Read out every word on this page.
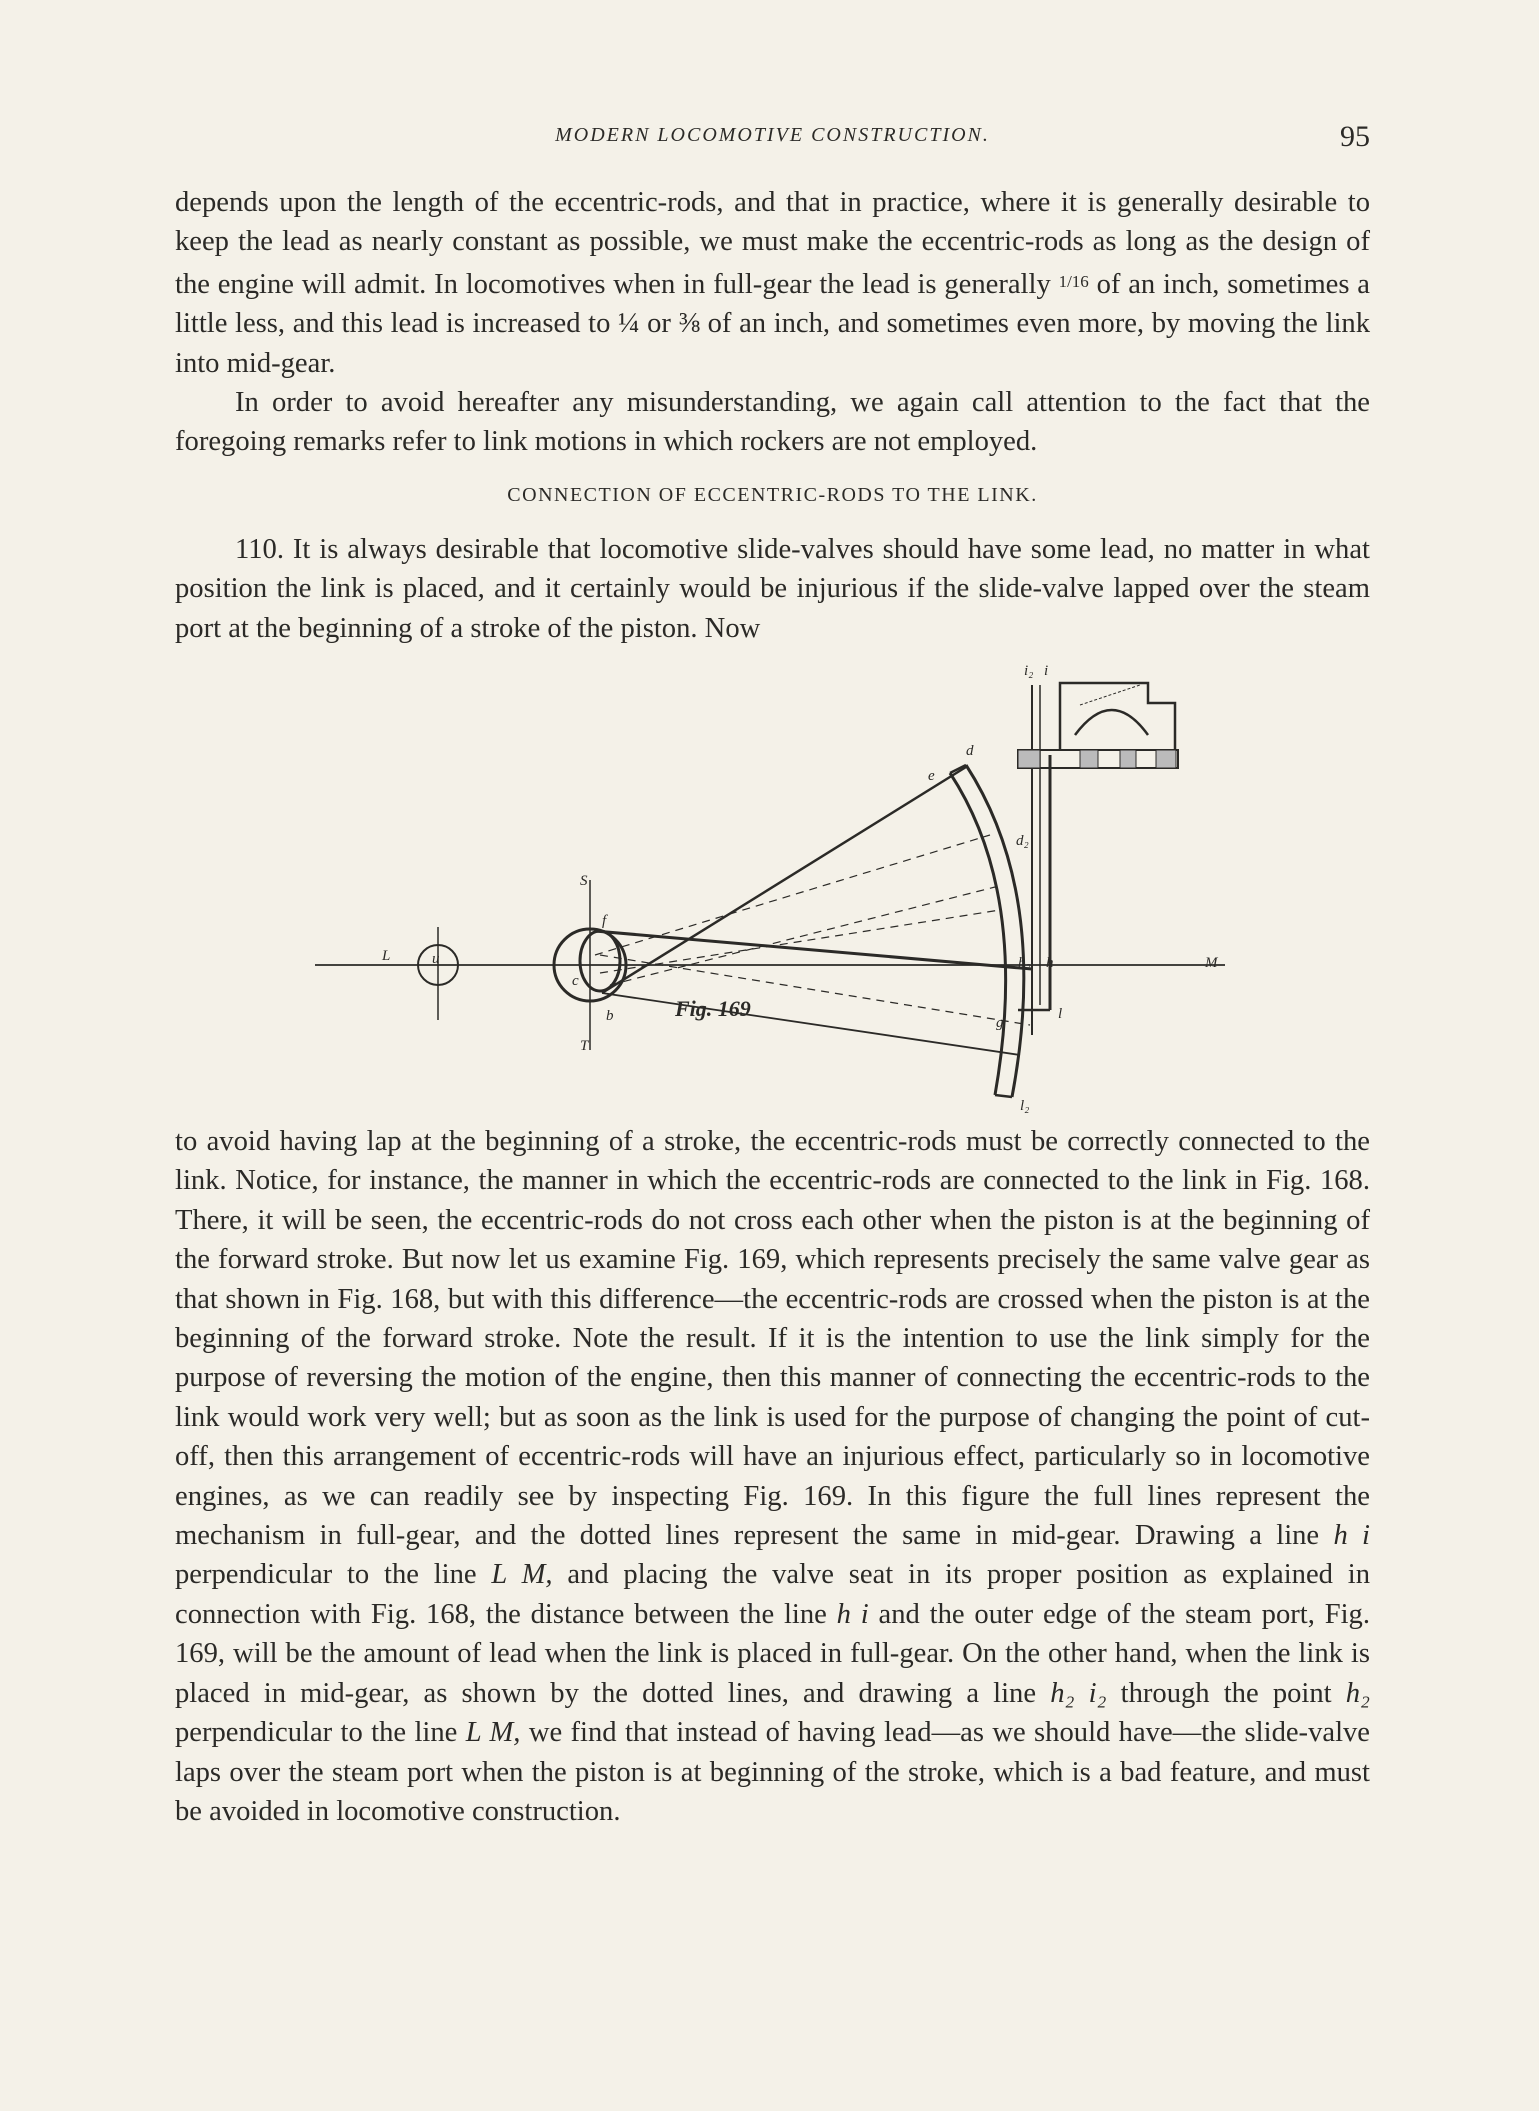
MODERN LOCOMOTIVE CONSTRUCTION.	95

depends upon the length of the eccentric-rods, and that in practice, where it is generally desirable to keep the lead as nearly constant as possible, we must make the eccentric-rods as long as the design of the engine will admit. In locomotives when in full-gear the lead is generally $^{1/16}$ of an inch, sometimes a little less, and this lead is increased to ¼ or ⅜ of an inch, and sometimes even more, by moving the link into mid-gear.

In order to avoid hereafter any misunderstanding, we again call attention to the fact that the foregoing remarks refer to link motions in which rockers are not employed.

CONNECTION OF ECCENTRIC-RODS TO THE LINK.

110. It is always desirable that locomotive slide-valves should have some lead, no matter in what position the link is placed, and it certainly would be injurious if the slide-valve lapped over the steam port at the beginning of a stroke of the piston. Now

Fig. 169
L	u
S
T
f
c
b
d
e
d₂
i₂ i
h₂ h	M
g
l
l₂

to avoid having lap at the beginning of a stroke, the eccentric-rods must be correctly connected to the link. Notice, for instance, the manner in which the eccentric-rods are connected to the link in Fig. 168. There, it will be seen, the eccentric-rods do not cross each other when the piston is at the beginning of the forward stroke. But now let us examine Fig. 169, which represents precisely the same valve gear as that shown in Fig. 168, but with this difference—the eccentric-rods are crossed when the piston is at the beginning of the forward stroke. Note the result. If it is the intention to use the link simply for the purpose of reversing the motion of the engine, then this manner of connecting the eccentric-rods to the link would work very well; but as soon as the link is used for the purpose of changing the point of cut-off, then this arrangement of eccentric-rods will have an injurious effect, particularly so in locomotive engines, as we can readily see by inspecting Fig. 169. In this figure the full lines represent the mechanism in full-gear, and the dotted lines represent the same in mid-gear. Drawing a line h i perpendicular to the line L M, and placing the valve seat in its proper position as explained in connection with Fig. 168, the distance between the line h i and the outer edge of the steam port, Fig. 169, will be the amount of lead when the link is placed in full-gear. On the other hand, when the link is placed in mid-gear, as shown by the dotted lines, and drawing a line h₂ i₂ through the point h₂ perpendicular to the line L M, we find that instead of having lead—as we should have—the slide-valve laps over the steam port when the piston is at beginning of the stroke, which is a bad feature, and must be avoided in locomotive construction.
